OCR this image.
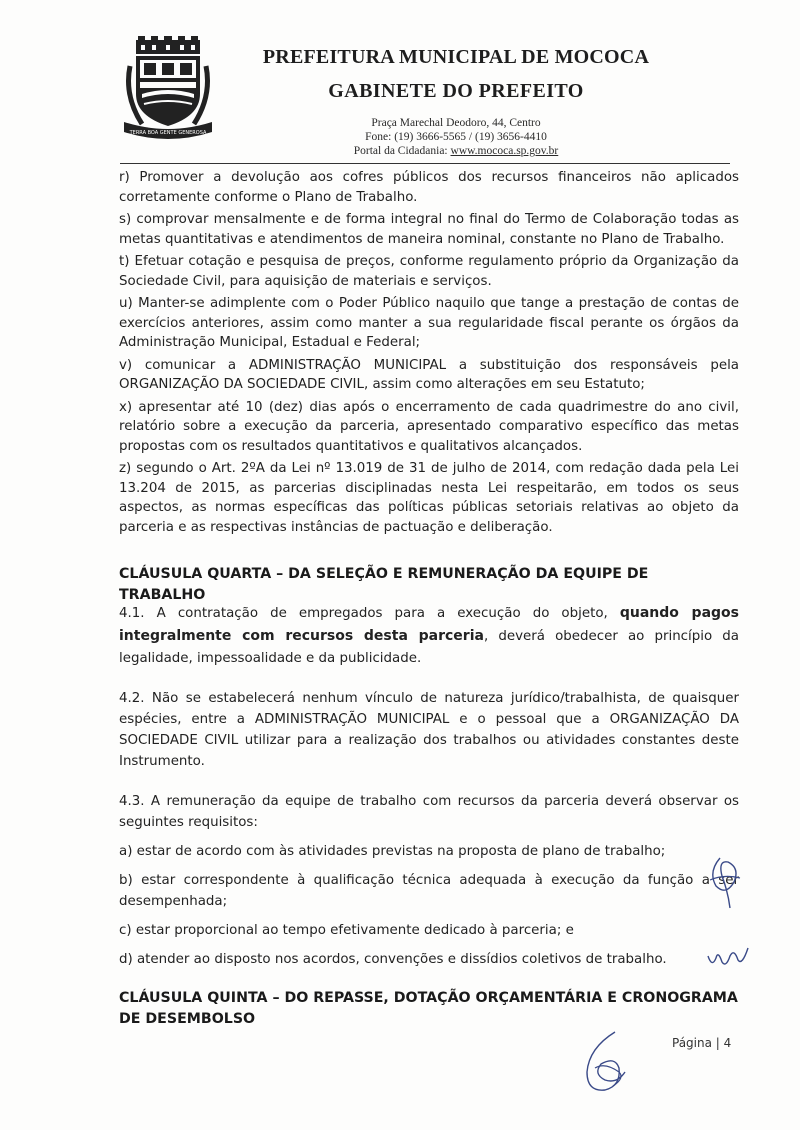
TERRA BOA GENTE GENEROSA
PREFEITURA MUNICIPAL DE MOCOCA
GABINETE DO PREFEITO
Praça Marechal Deodoro, 44, Centro
Fone: (19) 3666-5565 / (19) 3656-4410
Portal da Cidadania: www.mococa.sp.gov.br

r) Promover a devolução aos cofres públicos dos recursos financeiros não aplicados corretamente conforme o Plano de Trabalho.

s) comprovar mensalmente e de forma integral no final do Termo de Colaboração todas as metas quantitativas e atendimentos de maneira nominal, constante no Plano de Trabalho.

t) Efetuar cotação e pesquisa de preços, conforme regulamento próprio da Organização da Sociedade Civil, para aquisição de materiais e serviços.

u) Manter-se adimplente com o Poder Público naquilo que tange a prestação de contas de exercícios anteriores, assim como manter a sua regularidade fiscal perante os órgãos da Administração Municipal, Estadual e Federal;

v) comunicar a ADMINISTRAÇÃO MUNICIPAL a substituição dos responsáveis pela ORGANIZAÇÃO DA SOCIEDADE CIVIL, assim como alterações em seu Estatuto;

x) apresentar até 10 (dez) dias após o encerramento de cada quadrimestre do ano civil, relatório sobre a execução da parceria, apresentado comparativo específico das metas propostas com os resultados quantitativos e qualitativos alcançados.

z) segundo o Art. 2ºA da Lei nº 13.019 de 31 de julho de 2014, com redação dada pela Lei 13.204 de 2015, as parcerias disciplinadas nesta Lei respeitarão, em todos os seus aspectos, as normas específicas das políticas públicas setoriais relativas ao objeto da parceria e as respectivas instâncias de pactuação e deliberação.

CLÁUSULA QUARTA – DA SELEÇÃO E REMUNERAÇÃO DA EQUIPE DE TRABALHO

4.1. A contratação de empregados para a execução do objeto, quando pagos integralmente com recursos desta parceria, deverá obedecer ao princípio da legalidade, impessoalidade e da publicidade.

4.2. Não se estabelecerá nenhum vínculo de natureza jurídico/trabalhista, de quaisquer espécies, entre a ADMINISTRAÇÃO MUNICIPAL e o pessoal que a ORGANIZAÇÃO DA SOCIEDADE CIVIL utilizar para a realização dos trabalhos ou atividades constantes deste Instrumento.

4.3. A remuneração da equipe de trabalho com recursos da parceria deverá observar os seguintes requisitos:

a) estar de acordo com às atividades previstas na proposta de plano de trabalho;

b) estar correspondente à qualificação técnica adequada à execução da função a ser desempenhada;

c) estar proporcional ao tempo efetivamente dedicado à parceria; e

d) atender ao disposto nos acordos, convenções e dissídios coletivos de trabalho.

CLÁUSULA QUINTA – DO REPASSE, DOTAÇÃO ORÇAMENTÁRIA E CRONOGRAMA DE DESEMBOLSO
Página | 4
